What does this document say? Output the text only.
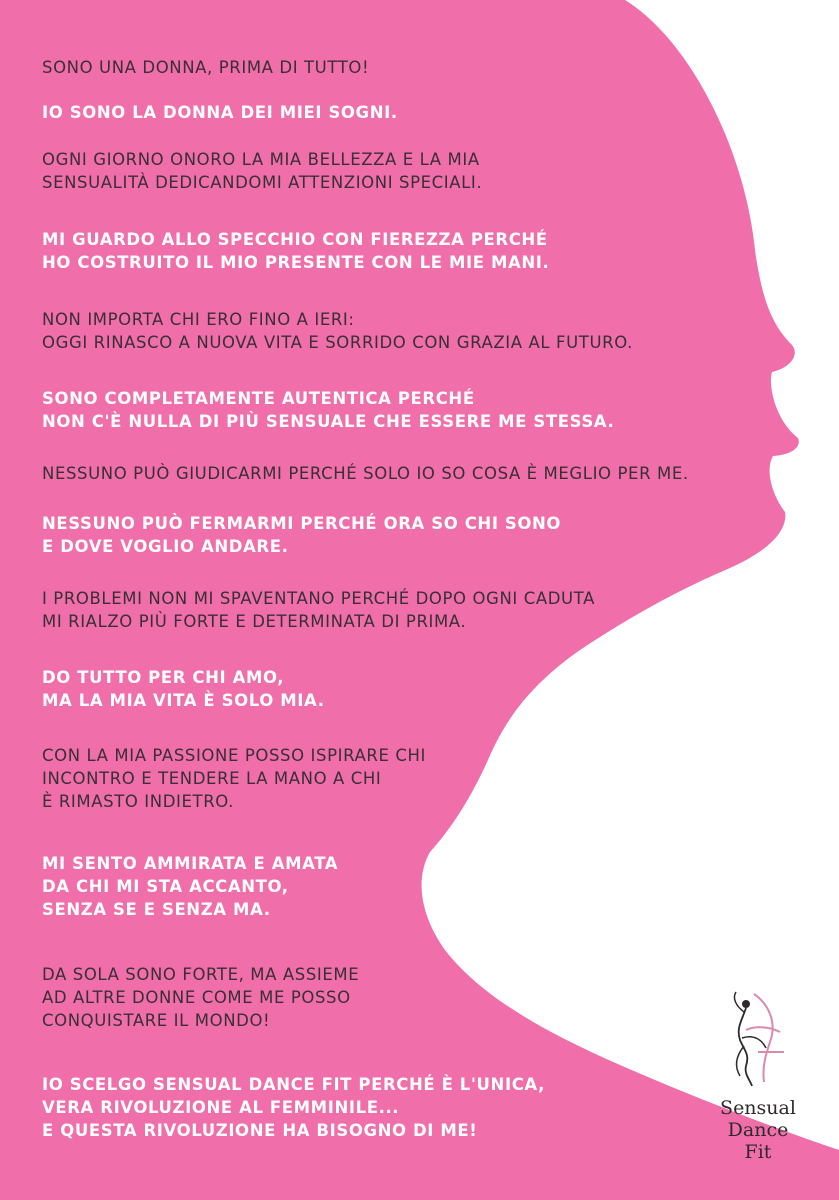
SONO UNA DONNA, PRIMA DI TUTTO!
IO SONO LA DONNA DEI MIEI SOGNI.
OGNI GIORNO ONORO LA MIA BELLEZZA E LA MIA
SENSUALITÀ DEDICANDOMI ATTENZIONI SPECIALI.
MI GUARDO ALLO SPECCHIO CON FIEREZZA PERCHÉ
HO COSTRUITO IL MIO PRESENTE CON LE MIE MANI.
NON IMPORTA CHI ERO FINO A IERI:
OGGI RINASCO A NUOVA VITA E SORRIDO CON GRAZIA AL FUTURO.
SONO COMPLETAMENTE AUTENTICA PERCHÉ
NON C'È NULLA DI PIÙ SENSUALE CHE ESSERE ME STESSA.
NESSUNO PUÒ GIUDICARMI PERCHÉ SOLO IO SO COSA È MEGLIO PER ME.
NESSUNO PUÒ FERMARMI PERCHÉ ORA SO CHI SONO
E DOVE VOGLIO ANDARE.
I PROBLEMI NON MI SPAVENTANO PERCHÉ DOPO OGNI CADUTA
MI RIALZO PIÙ FORTE E DETERMINATA DI PRIMA.
DO TUTTO PER CHI AMO,
MA LA MIA VITA È SOLO MIA.
CON LA MIA PASSIONE POSSO ISPIRARE CHI
INCONTRO E TENDERE LA MANO A CHI
È RIMASTO INDIETRO.
MI SENTO AMMIRATA E AMATA
DA CHI MI STA ACCANTO,
SENZA SE E SENZA MA.
DA SOLA SONO FORTE, MA ASSIEME
AD ALTRE DONNE COME ME POSSO
CONQUISTARE IL MONDO!
IO SCELGO SENSUAL DANCE FIT PERCHÉ È L'UNICA,
VERA RIVOLUZIONE AL FEMMINILE...
E QUESTA RIVOLUZIONE HA BISOGNO DI ME!
Sensual
Dance
Fit
